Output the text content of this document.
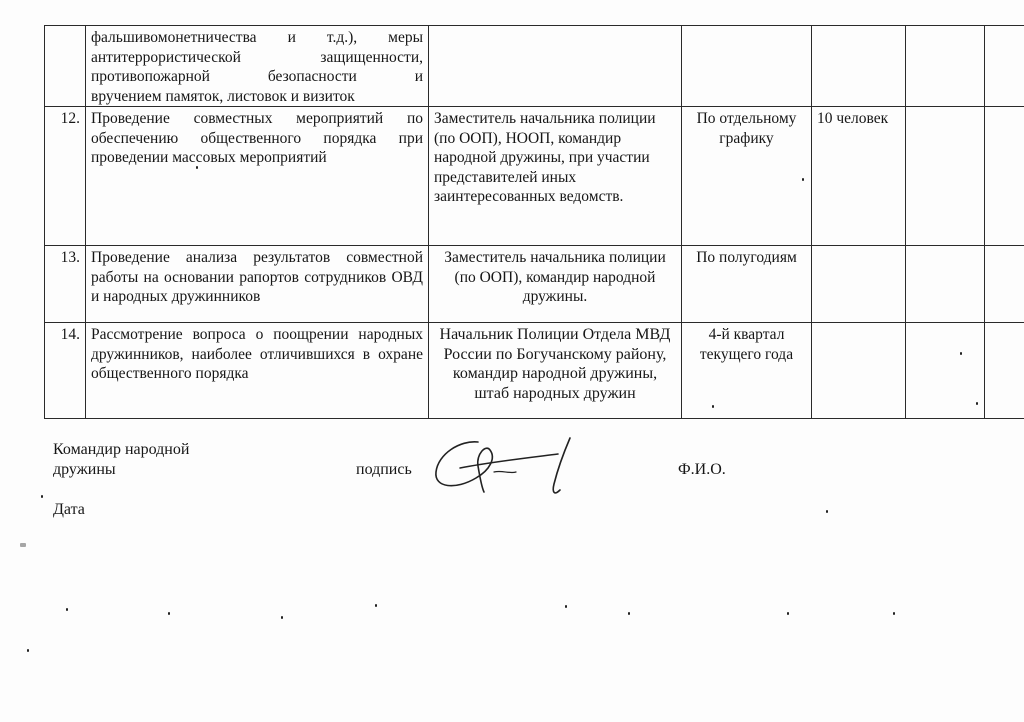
	фальшивомонетничества и т.д.), меры
антитеррористической защищенности,
противопожарной безопасности и
вручением памяток, листовок и визиток					

12.	Проведение совместных мероприятий по обеспечению общественного порядка при проведении массовых мероприятий	Заместитель начальника полиции (по ООП), НООП, командир народной дружины, при участии представителей иных заинтересованных ведомств.	По отдельному графику	10 человек		
13.	Проведение анализа результатов совместной работы на основании рапортов сотрудников ОВД и народных дружинников	Заместитель начальника полиции (по ООП), командир народной дружины.	По полугодиям			
14.	Рассмотрение вопроса о поощрении народных дружинников, наиболее отличившихся в охране общественного порядка	Начальник Полиции Отдела МВД России по Богучанскому району, командир народной дружины, штаб народных дружин	4-й квартал текущего года			
Командир народной
дружины	подпись	Ф.И.О.
Дата
